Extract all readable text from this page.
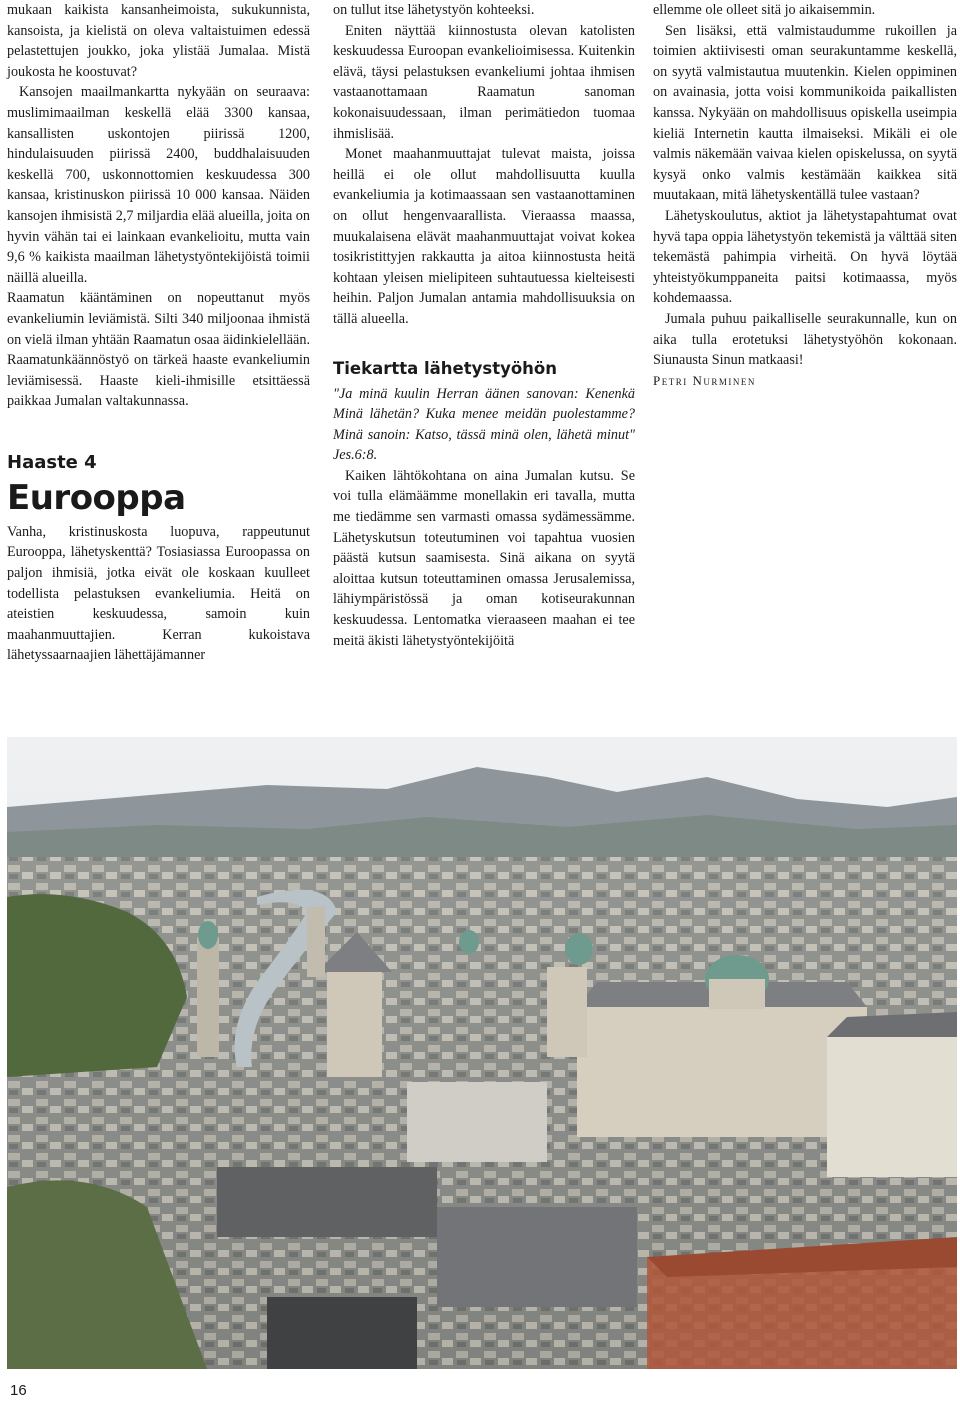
mukaan kaikista kansanheimoista, sukukunnista, kansoista, ja kielistä on oleva valtaistuimen edessä pelastettujen joukko, joka ylistää Jumalaa. Mistä joukosta he koostuvat?

Kansojen maailmankartta nykyään on seuraava: muslimimaailman keskellä elää 3300 kansaa, kansallisten uskontojen piirissä 1200, hindulaisuuden piirissä 2400, buddhalaisuuden keskellä 700, uskonnottomien keskuudessa 300 kansaa, kristinuskon piirissä 10 000 kansaa. Näiden kansojen ihmisistä 2,7 miljardia elää alueilla, joita on hyvin vähän tai ei lainkaan evankelioitu, mutta vain 9,6 % kaikista maailman lähetystyöntekijöistä toimii näillä alueilla.

Raamatun kääntäminen on nopeuttanut myös evankeliumin leviämistä. Silti 340 miljoonaa ihmistä on vielä ilman yhtään Raamatun osaa äidinkielellään. Raamatunkäännöstyö on tärkeä haaste evankeliumin leviämisessä. Haaste kieli-ihmisille etsittäessä paikkaa Jumalan valtakunnassa.

Haaste 4
Eurooppa

Vanha, kristinuskosta luopuva, rappeutunut Eurooppa, lähetyskenttä? Tosiasiassa Euroopassa on paljon ihmisiä, jotka eivät ole koskaan kuulleet todellista pelastuksen evankeliumia. Heitä on ateistien keskuudessa, samoin kuin maahanmuuttajien. Kerran kukoistava lähetyssaarnaajien lähettäjämanner

on tullut itse lähetystyön kohteeksi.

Eniten näyttää kiinnostusta olevan katolisten keskuudessa Euroopan evankelioimisessa. Kuitenkin elävä, täysi pelastuksen evankeliumi johtaa ihmisen vastaanottamaan Raamatun sanoman kokonaisuudessaan, ilman perimätiedon tuomaa ihmislisää.

Monet maahanmuuttajat tulevat maista, joissa heillä ei ole ollut mahdollisuutta kuulla evankeliumia ja kotimaassaan sen vastaanottaminen on ollut hengenvaarallista. Vieraassa maassa, muukalaisena elävät maahanmuuttajat voivat kokea tosikristittyjen rakkautta ja aitoa kiinnostusta heitä kohtaan yleisen mielipiteen suhtautuessa kielteisesti heihin. Paljon Jumalan antamia mahdollisuuksia on tällä alueella.

Tiekartta lähetystyöhön

"Ja minä kuulin Herran äänen sanovan: Kenenkä Minä lähetän? Kuka menee meidän puolestamme? Minä sanoin: Katso, tässä minä olen, lähetä minut" Jes.6:8.

Kaiken lähtökohtana on aina Jumalan kutsu. Se voi tulla elämäämme monellakin eri tavalla, mutta me tiedämme sen varmasti omassa sydämessämme. Lähetyskutsun toteutuminen voi tapahtua vuosien päästä kutsun saamisesta. Sinä aikana on syytä aloittaa kutsun toteuttaminen omassa Jerusalemissa, lähiympäristössä ja oman kotiseurakunnan keskuudessa. Lentomatka vieraaseen maahan ei tee meitä äkisti lähetystyöntekijöitä

ellemme ole olleet sitä jo aikaisemmin.

Sen lisäksi, että valmistaudumme rukoillen ja toimien aktiivisesti oman seurakuntamme keskellä, on syytä valmistautua muutenkin. Kielen oppiminen on avainasia, jotta voisi kommunikoida paikallisten kanssa. Nykyään on mahdollisuus opiskella useimpia kieliä Internetin kautta ilmaiseksi. Mikäli ei ole valmis näkemään vaivaa kielen opiskelussa, on syytä kysyä onko valmis kestämään kaikkea sitä muutakaan, mitä lähetyskentällä tulee vastaan?

Lähetyskoulutus, aktiot ja lähetystapahtumat ovat hyvä tapa oppia lähetystyön tekemistä ja välttää siten tekemästä pahimpia virheitä. On hyvä löytää yhteistyökumppaneita paitsi kotimaassa, myös kohdemaassa.

Jumala puhuu paikalliselle seurakunnalle, kun on aika tulla erotetuksi lähetystyöhön kokonaan. Siunausta Sinun matkaasi!

Petri Nurminen

16
